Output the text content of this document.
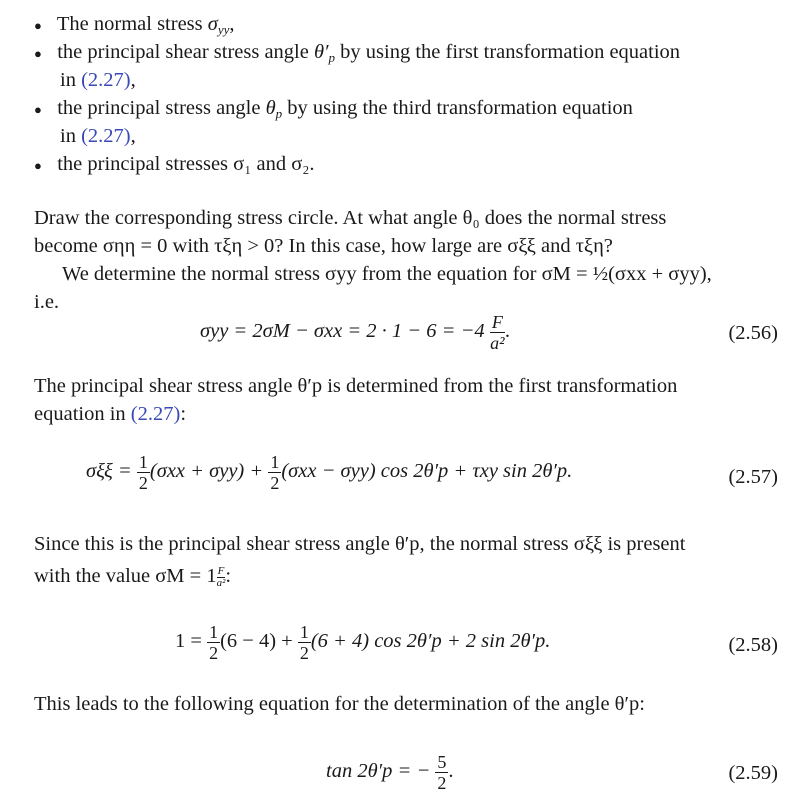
● The normal stress $\sigma_{yy}$,
● the principal shear stress angle $\theta'_p$ by using the first transformation equation
in (2.27),
● the principal stress angle $\theta_p$ by using the third transformation equation
in (2.27),
● the principal stresses σ₁ and σ₂.
Draw the corresponding stress circle. At what angle θ₀ does the normal stress
become σηη = 0 with τξη > 0? In this case, how large are σξξ and τξη?
We determine the normal stress σyy from the equation for σM = ½(σxx + σyy),
i.e.
$\sigma yy = 2\sigma M - \sigma xx = 2 \cdot 1 - 6 = -4 \frac{F}{\text{a²}}$ .	(2.56)
The principal shear stress angle θ′p is determined from the first transformation
equation in (2.27):
$\sigma\xi\xi = \frac{1}{2} (\sigma xx + \sigma yy) + \frac{1}{2} (\sigma xx - \sigma yy)$ cos 2θ′p + τxy sin 2θ′p.	(2.57)
Since this is the principal shear stress angle θ′p, the normal stress σξξ is present
with the value $\sigma M = 1 \frac{F}{\text{a²}}$ :
$1 = \frac{1}{2} (6 - 4) + \frac{1}{2} (6 + 4)$ cos 2θ′p + 2 sin 2θ′p.	(2.58)
This leads to the following equation for the determination of the angle θ′p:
tan 2θ′p = − $\frac{5}{2}$ .	(2.59)
